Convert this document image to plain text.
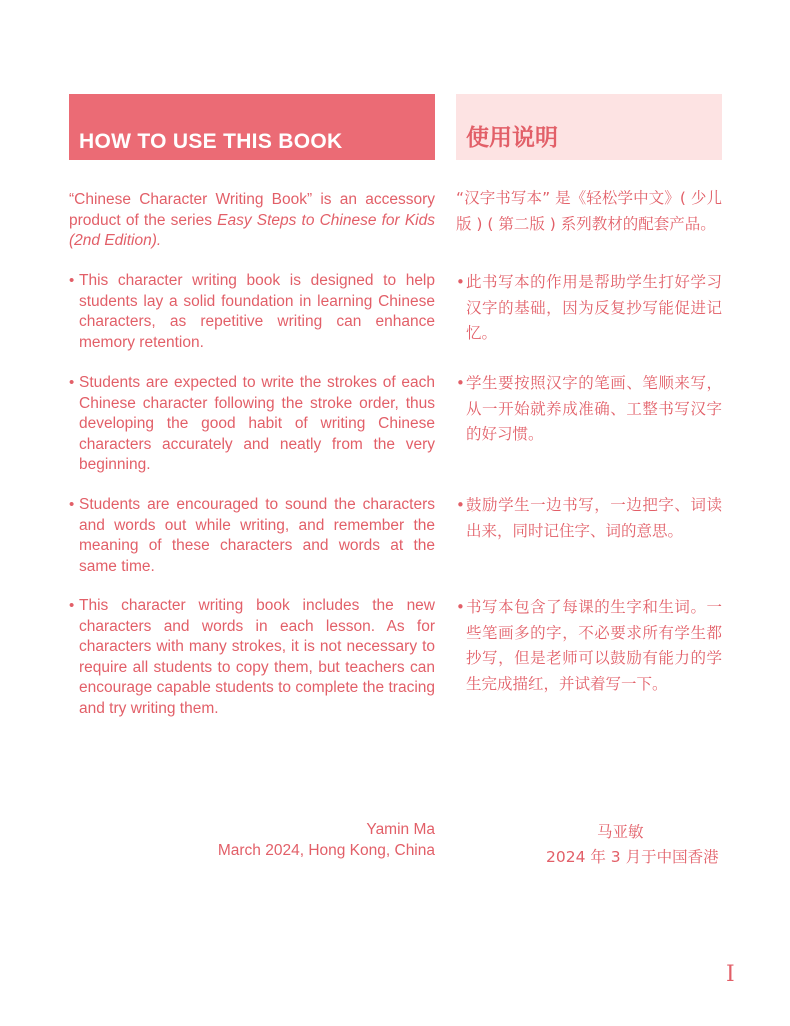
HOW TO USE THIS BOOK	使用说明
“Chinese Character Writing Book” is an accessory product of the series Easy Steps to Chinese for Kids (2nd Edition).
• This character writing book is designed to help students lay a solid foundation in learning Chinese characters, as repetitive writing can enhance memory retention.
• Students are expected to write the strokes of each Chinese character following the stroke order, thus developing the good habit of writing Chinese characters accurately and neatly from the very beginning.
• Students are encouraged to sound the characters and words out while writing, and remember the meaning of these characters and words at the same time.
• This character writing book includes the new characters and words in each lesson. As for characters with many strokes, it is not necessary to require all students to copy them, but teachers can encourage capable students to complete the tracing and try writing them.
“汉字书写本” 是《轻松学中文》( 少儿版 ) ( 第二版 ) 系列教材的配套产品。
• 此书写本的作用是帮助学生打好学习汉字的基础，因为反复抄写能促进记忆。
• 学生要按照汉字的笔画、笔顺来写，从一开始就养成准确、工整书写汉字的好习惯。
• 鼓励学生一边书写，一边把字、词读出来，同时记住字、词的意思。
• 书写本包含了每课的生字和生词。一些笔画多的字，不必要求所有学生都抄写，但是老师可以鼓励有能力的学生完成描红，并试着写一下。
Yamin Ma
March 2024, Hong Kong, China
马亚敏
2024 年 3 月于中国香港
I
